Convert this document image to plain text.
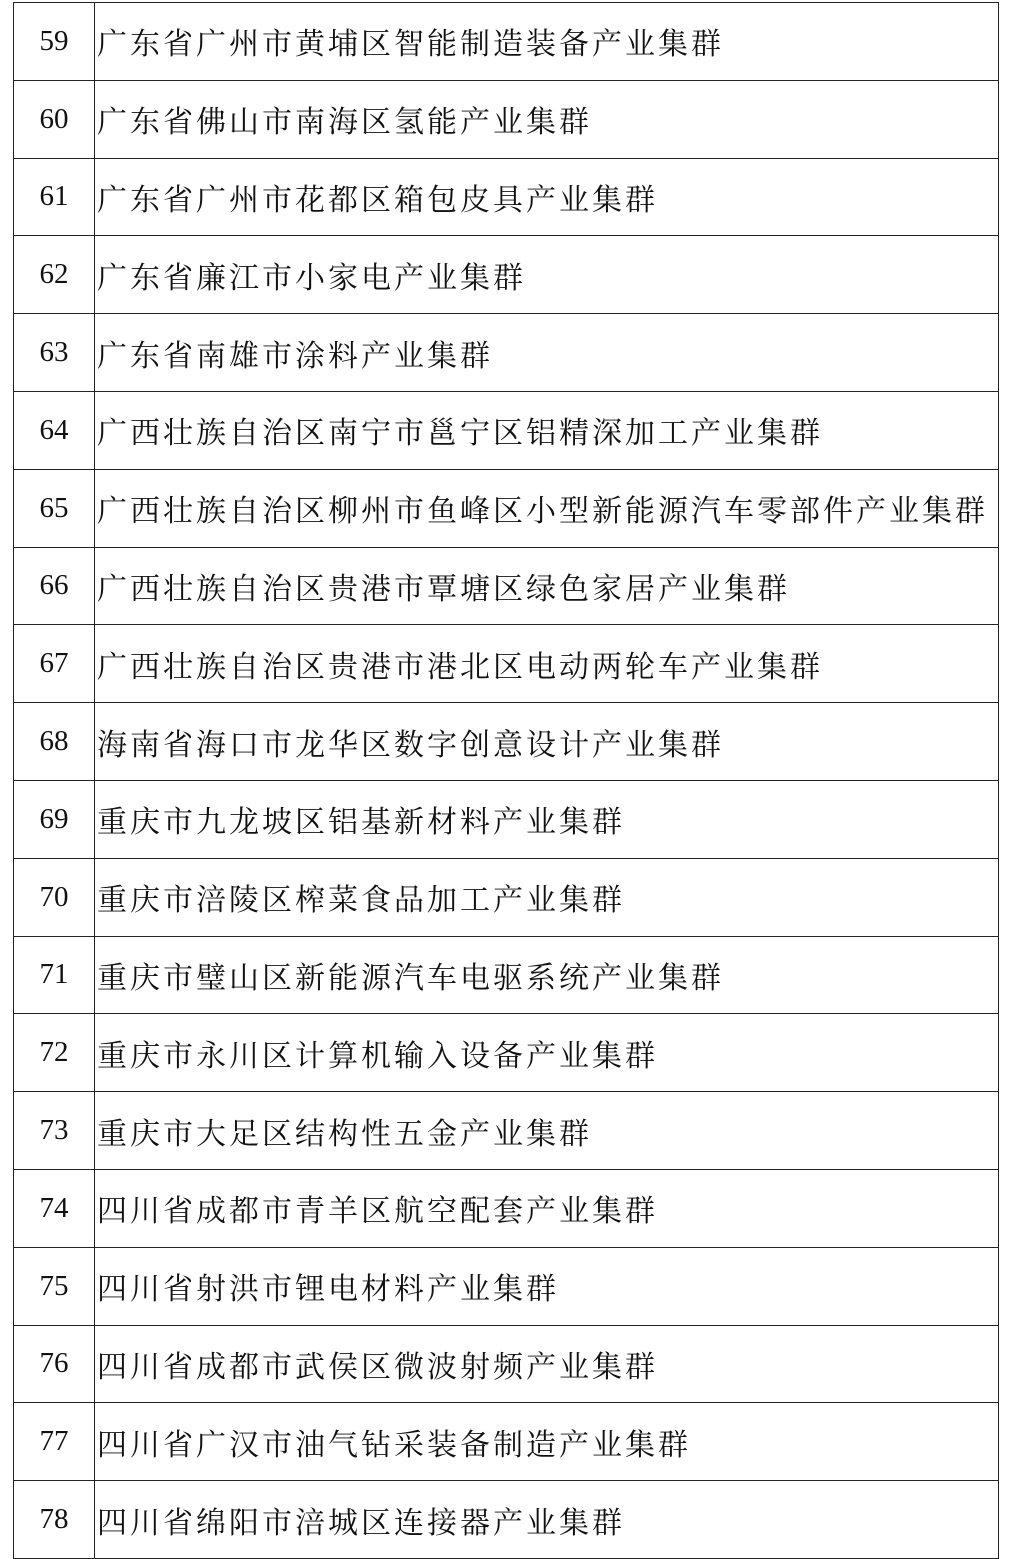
59 广东省广州市黄埔区智能制造装备产业集群
60 广东省佛山市南海区氢能产业集群
61 广东省广州市花都区箱包皮具产业集群
62 广东省廉江市小家电产业集群
63 广东省南雄市涂料产业集群
64 广西壮族自治区南宁市邕宁区铝精深加工产业集群
65 广西壮族自治区柳州市鱼峰区小型新能源汽车零部件产业集群
66 广西壮族自治区贵港市覃塘区绿色家居产业集群
67 广西壮族自治区贵港市港北区电动两轮车产业集群
68 海南省海口市龙华区数字创意设计产业集群
69 重庆市九龙坡区铝基新材料产业集群
70 重庆市涪陵区榨菜食品加工产业集群
71 重庆市璧山区新能源汽车电驱系统产业集群
72 重庆市永川区计算机输入设备产业集群
73 重庆市大足区结构性五金产业集群
74 四川省成都市青羊区航空配套产业集群
75 四川省射洪市锂电材料产业集群
76 四川省成都市武侯区微波射频产业集群
77 四川省广汉市油气钻采装备制造产业集群
78 四川省绵阳市涪城区连接器产业集群
